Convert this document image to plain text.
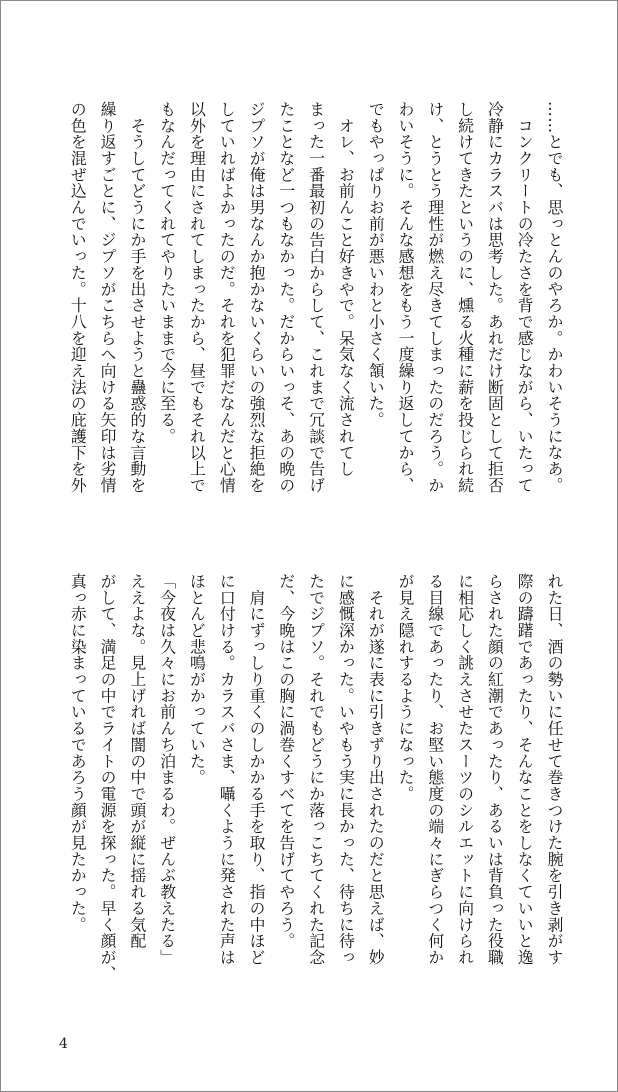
……とでも、思っとんのやろか。かわいそうになあ。
　コンクリートの冷たさを背で感じながら、いたって
冷静にカラスバは思考した。あれだけ断固として拒否
し続けてきたというのに、燻る火種に薪を投じられ続
け、とうとう理性が燃え尽きてしまったのだろう。か
わいそうに。そんな感想をもう一度繰り返してから、
でもやっぱりお前が悪いわと小さく頷いた。
　オレ、お前んこと好きやで。呆気なく流されてし
まった一番最初の告白からして、これまで冗談で告げ
たことなど一つもなかった。だからいっそ、あの晩の
ジプソが俺は男なんか抱かないくらいの強烈な拒絶を
していればよかったのだ。それを犯罪だなんだと心情
以外を理由にされてしまったから、昼でもそれ以上で
もなんだってくれてやりたいままで今に至る。
　そうしてどうにか手を出させようと蠱惑的な言動を
繰り返すごとに、ジプソがこちらへ向ける矢印は劣情
の色を混ぜ込んでいった。十八を迎え法の庇護下を外
れた日、酒の勢いに任せて巻きつけた腕を引き剥がす
際の躊躇であったり、そんなことをしなくていいと逸
らされた顔の紅潮であったり、あるいは背負った役職
に相応しく誂えさせたスーツのシルエットに向けられ
る目線であったり、お堅い態度の端々にぎらつく何か
が見え隠れするようになった。
　それが遂に表に引きずり出されたのだと思えば、妙
に感慨深かった。いやもう実に長かった、待ちに待っ
たでジプソ。それでもどうにか落っこちてくれた記念
だ、今晩はこの胸に渦巻くすべてを告げてやろう。
　肩にずっしり重くのしかかる手を取り、指の中ほど
に口付ける。カラスバさま、囁くように発された声は
ほとんど悲鳴がかっていた。
「今夜は久々にお前んち泊まるわ。ぜんぶ教えたる」
ええよな。見上げれば闇の中で頭が縦に揺れる気配
がして、満足の中でライトの電源を探った。早く顔が、
真っ赤に染まっているであろう顔が見たかった。
4
